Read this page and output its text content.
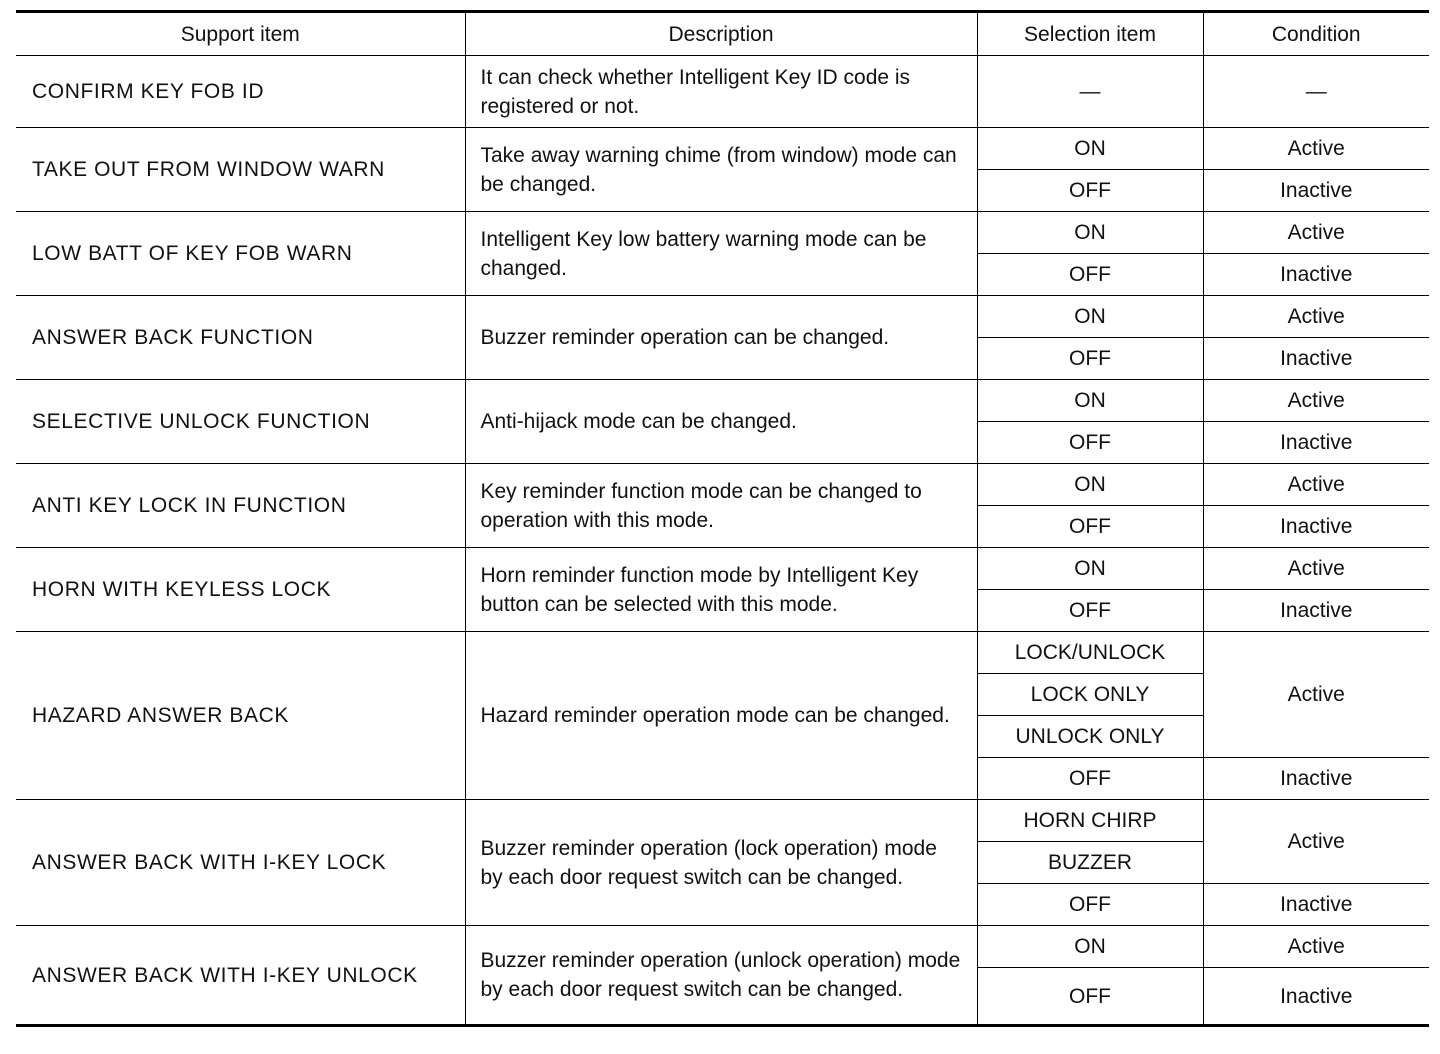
Support item	Description	Selection item	Condition
CONFIRM KEY FOB ID	It can check whether Intelligent Key ID code is registered or not.	—	—
TAKE OUT FROM WINDOW WARN	Take away warning chime (from window) mode can be changed.	ON	Active
		OFF	Inactive
LOW BATT OF KEY FOB WARN	Intelligent Key low battery warning mode can be changed.	ON	Active
		OFF	Inactive
ANSWER BACK FUNCTION	Buzzer reminder operation can be changed.	ON	Active
		OFF	Inactive
SELECTIVE UNLOCK FUNCTION	Anti-hijack mode can be changed.	ON	Active
		OFF	Inactive
ANTI KEY LOCK IN FUNCTION	Key reminder function mode can be changed to operation with this mode.	ON	Active
		OFF	Inactive
HORN WITH KEYLESS LOCK	Horn reminder function mode by Intelligent Key button can be selected with this mode.	ON	Active
		OFF	Inactive
HAZARD ANSWER BACK	Hazard reminder operation mode can be changed.	LOCK/UNLOCK	Active
		LOCK ONLY	
		UNLOCK ONLY	
		OFF	Inactive
ANSWER BACK WITH I-KEY LOCK	Buzzer reminder operation (lock operation) mode by each door request switch can be changed.	HORN CHIRP	Active
		BUZZER	
		OFF	Inactive
ANSWER BACK WITH I-KEY UNLOCK	Buzzer reminder operation (unlock operation) mode by each door request switch can be changed.	ON	Active
		OFF	Inactive
